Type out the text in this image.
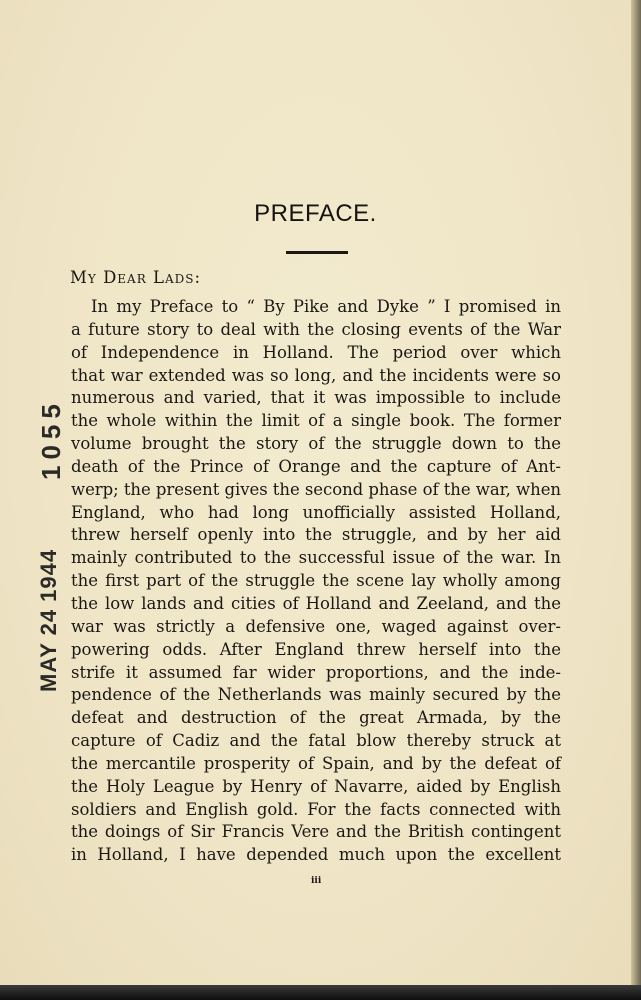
1055
MAY 24 1944
PREFACE.
My Dear Lads:
In my Preface to “ By Pike and Dyke ” I promised in
a future story to deal with the closing events of the War
of Independence in Holland. The period over which
that war extended was so long, and the incidents were so
numerous and varied, that it was impossible to include
the whole within the limit of a single book. The former
volume brought the story of the struggle down to the
death of the Prince of Orange and the capture of Ant-
werp; the present gives the second phase of the war, when
England, who had long unofficially assisted Holland,
threw herself openly into the struggle, and by her aid
mainly contributed to the successful issue of the war. In
the first part of the struggle the scene lay wholly among
the low lands and cities of Holland and Zeeland, and the
war was strictly a defensive one, waged against over-
powering odds. After England threw herself into the
strife it assumed far wider proportions, and the inde-
pendence of the Netherlands was mainly secured by the
defeat and destruction of the great Armada, by the
capture of Cadiz and the fatal blow thereby struck at
the mercantile prosperity of Spain, and by the defeat of
the Holy League by Henry of Navarre, aided by English
soldiers and English gold. For the facts connected with
the doings of Sir Francis Vere and the British contingent
in Holland, I have depended much upon the excellent
iii
